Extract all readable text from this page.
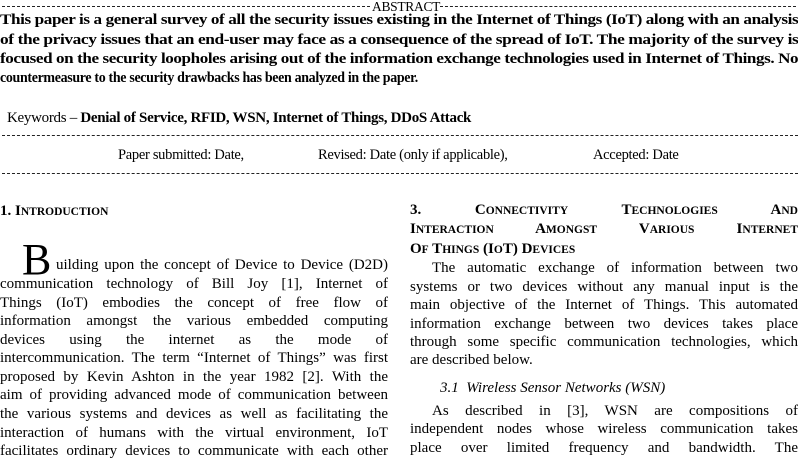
ABSTRACT
This paper is a general survey of all the security issues existing in the Internet of Things (IoT) along with an analysis
of the privacy issues that an end-user may face as a consequence of the spread of IoT. The majority of the survey is
focused on the security loopholes arising out of the information exchange technologies used in Internet of Things. No
countermeasure to the security drawbacks has been analyzed in the paper.
Keywords – Denial of Service, RFID, WSN, Internet of Things, DDoS Attack
Paper submitted: Date,	Revised: Date (only if applicable),	Accepted: Date
1. INTRODUCTION
B uilding upon the concept of Device to Device (D2D)
communication technology of Bill Joy [1], Internet of
Things (IoT) embodies the concept of free flow of
information amongst the various embedded computing
devices using the internet as the mode of
intercommunication. The term “Internet of Things” was first
proposed by Kevin Ashton in the year 1982 [2]. With the
aim of providing advanced mode of communication between
the various systems and devices as well as facilitating the
interaction of humans with the virtual environment, IoT
facilitates ordinary devices to communicate with each other
3. CONNECTIVITY TECHNOLOGIES AND
INTERACTION AMONGST VARIOUS INTERNET
OF THINGS (IOT) DEVICES
The automatic exchange of information between two
systems or two devices without any manual input is the
main objective of the Internet of Things. This automated
information exchange between two devices takes place
through some specific communication technologies, which
are described below.
3.1  Wireless Sensor Networks (WSN)
As described in [3], WSN are compositions of
independent nodes whose wireless communication takes
place over limited frequency and bandwidth. The
